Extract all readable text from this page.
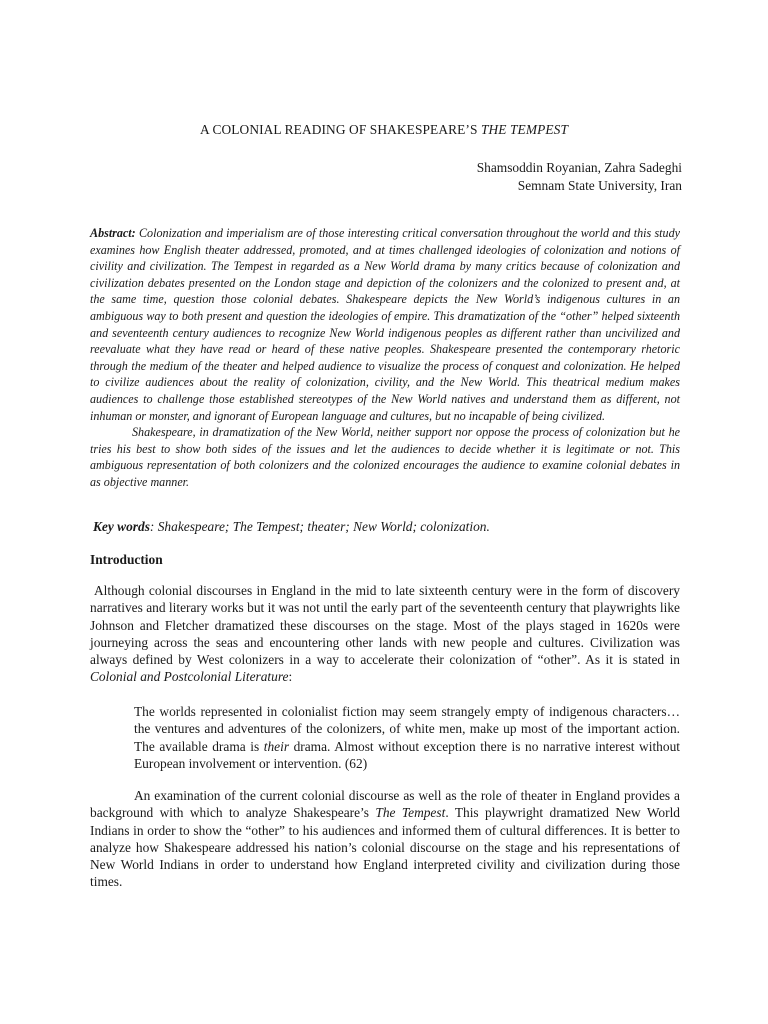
A COLONIAL READING OF SHAKESPEARE’S THE TEMPEST
Shamsoddin Royanian, Zahra Sadeghi
Semnam State University, Iran

Abstract: Colonization and imperialism are of those interesting critical conversation throughout the world and this study examines how English theater addressed, promoted, and at times challenged ideologies of colonization and notions of civility and civilization. The Tempest in regarded as a New World drama by many critics because of colonization and civilization debates presented on the London stage and depiction of the colonizers and the colonized to present and, at the same time, question those colonial debates. Shakespeare depicts the New World’s indigenous cultures in an ambiguous way to both present and question the ideologies of empire. This dramatization of the “other” helped sixteenth and seventeenth century audiences to recognize New World indigenous peoples as different rather than uncivilized and reevaluate what they have read or heard of these native peoples. Shakespeare presented the contemporary rhetoric through the medium of the theater and helped audience to visualize the process of conquest and colonization. He helped to civilize audiences about the reality of colonization, civility, and the New World. This theatrical medium makes audiences to challenge those established stereotypes of the New World natives and understand them as different, not inhuman or monster, and ignorant of European language and cultures, but no incapable of being civilized.

Shakespeare, in dramatization of the New World, neither support nor oppose the process of colonization but he tries his best to show both sides of the issues and let the audiences to decide whether it is legitimate or not. This ambiguous representation of both colonizers and the colonized encourages the audience to examine colonial debates in as objective manner.

Key words: Shakespeare; The Tempest; theater; New World; colonization.
Introduction

Although colonial discourses in England in the mid to late sixteenth century were in the form of discovery narratives and literary works but it was not until the early part of the seventeenth century that playwrights like Johnson and Fletcher dramatized these discourses on the stage. Most of the plays staged in 1620s were journeying across the seas and encountering other lands with new people and cultures. Civilization was always defined by West colonizers in a way to accelerate their colonization of “other”. As it is stated in Colonial and Postcolonial Literature:

The worlds represented in colonialist fiction may seem strangely empty of indigenous characters… the ventures and adventures of the colonizers, of white men, make up most of the important action. The available drama is their drama. Almost without exception there is no narrative interest without European involvement or intervention. (62)

An examination of the current colonial discourse as well as the role of theater in England provides a background with which to analyze Shakespeare’s The Tempest. This playwright dramatized New World Indians in order to show the “other” to his audiences and informed them of cultural differences. It is better to analyze how Shakespeare addressed his nation’s colonial discourse on the stage and his representations of New World Indians in order to understand how England interpreted civility and civilization during those times.
